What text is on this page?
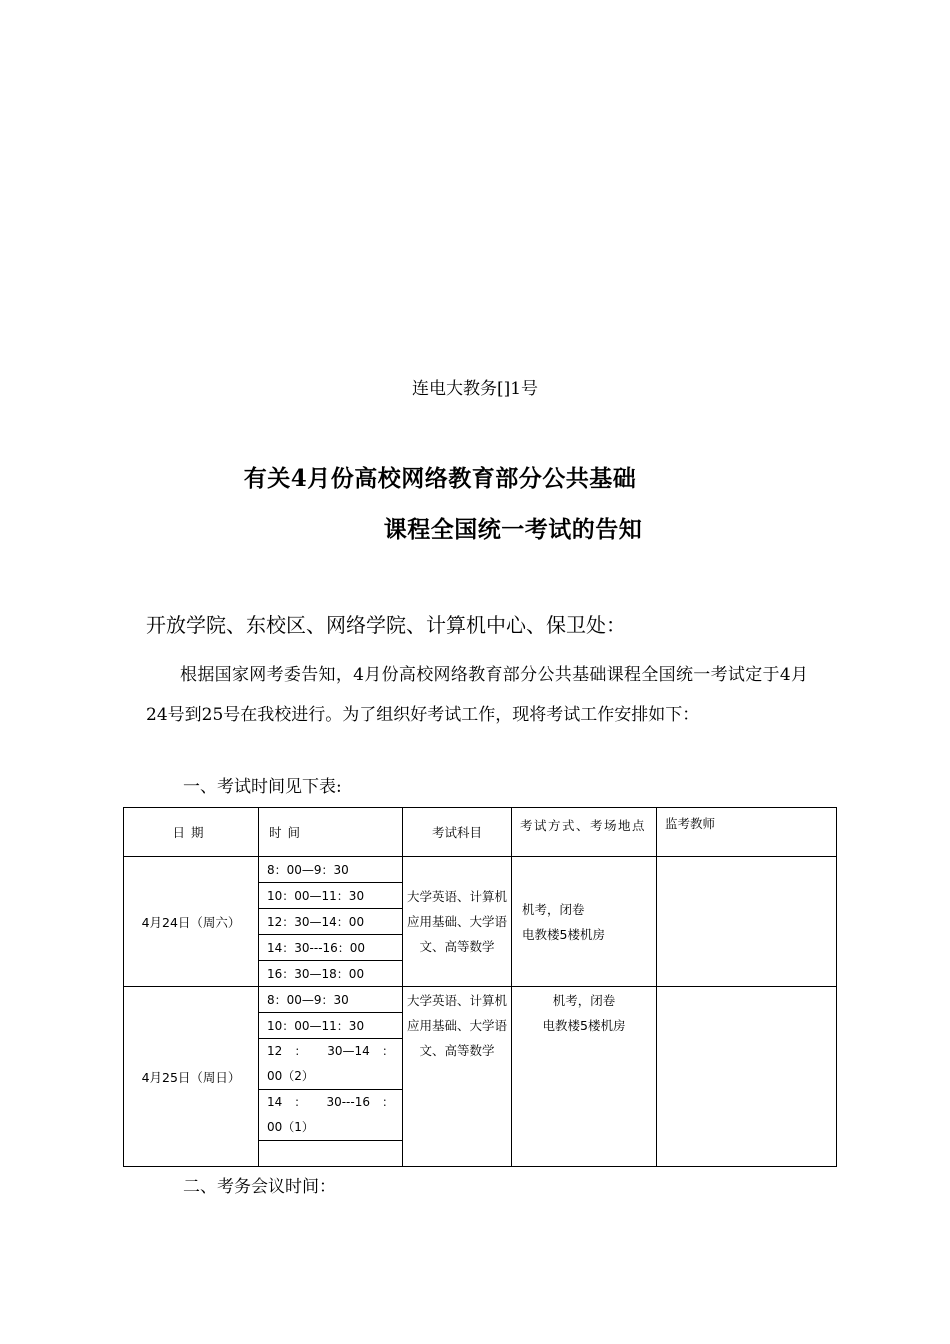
连电大教务[]1号
有关4月份高校网络教育部分公共基础
课程全国统一考试的告知
开放学院、东校区、网络学院、计算机中心、保卫处：
根据国家网考委告知，4月份高校网络教育部分公共基础课程全国统一考试定于4月24号到25号在我校进行。为了组织好考试工作，现将考试工作安排如下：
一、考试时间见下表:
日期	时间	考试科目	考试方式、考场地点	监考教师
4月24日（周六）	8：00—9：30	大学英语、计算机应用基础、大学语文、高等数学	机考，闭卷
电教楼5楼机房	

	10：00—11：30			
	12：30—14：00			
	14：30---16：00			
	16：30—18：00			
4月25日（周日）	8：00—9：30	大学英语、计算机应用基础、大学语文、高等数学	机考，闭卷
电教楼5楼机房	

	10：00—11：30			

	12 ： 30—14 ：
00（2）			

	14 ： 30---16 ：
00（1）			

二、考务会议时间：
